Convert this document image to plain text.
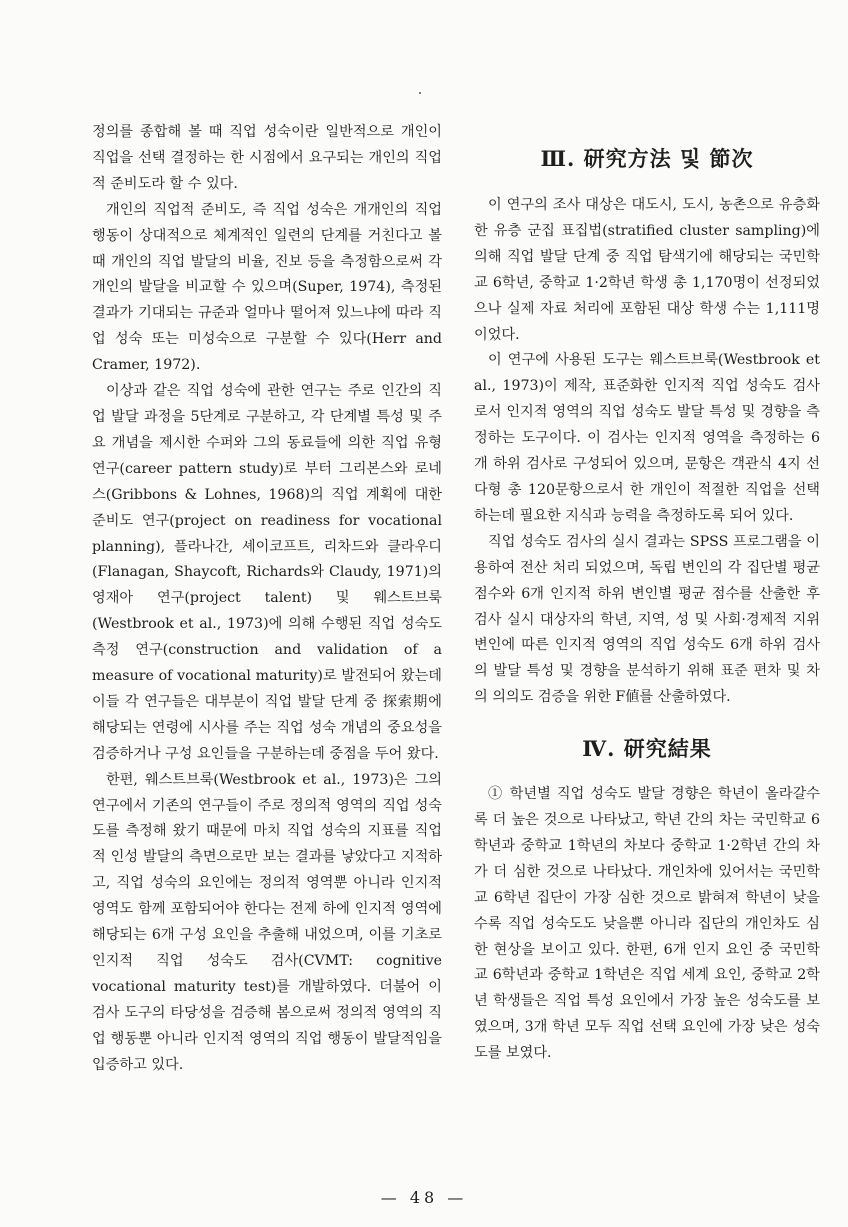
정의를 종합해 볼 때 직업 성숙이란 일반적으로 개인이 직업을 선택 결정하는 한 시점에서 요구되는 개인의 직업적 준비도라 할 수 있다.

개인의 직업적 준비도, 즉 직업 성숙은 개개인의 직업 행동이 상대적으로 체계적인 일련의 단계를 거친다고 볼 때 개인의 직업 발달의 비율, 진보 등을 측정함으로써 각 개인의 발달을 비교할 수 있으며(Super, 1974), 측정된 결과가 기대되는 규준과 얼마나 떨어져 있느냐에 따라 직업 성숙 또는 미성숙으로 구분할 수 있다(Herr and Cramer, 1972).

이상과 같은 직업 성숙에 관한 연구는 주로 인간의 직업 발달 과정을 5단계로 구분하고, 각 단계별 특성 및 주요 개념을 제시한 수퍼와 그의 동료들에 의한 직업 유형 연구(career pattern study)로 부터 그리본스와 로네스(Gribbons & Lohnes, 1968)의 직업 계획에 대한 준비도 연구(project on readiness for vocational planning), 플라나간, 셰이코프트, 리차드와 클라우디(Flanagan, Shaycoft, Richards와 Claudy, 1971)의 영재아 연구(project talent) 및 웨스트브룩(Westbrook et al., 1973)에 의해 수행된 직업 성숙도 측정 연구(construction and validation of a measure of vocational maturity)로 발전되어 왔는데 이들 각 연구들은 대부분이 직업 발달 단계 중 探索期에 해당되는 연령에 시사를 주는 직업 성숙 개념의 중요성을 검증하거나 구성 요인들을 구분하는데 중점을 두어 왔다.

한편, 웨스트브룩(Westbrook et al., 1973)은 그의 연구에서 기존의 연구들이 주로 정의적 영역의 직업 성숙도를 측정해 왔기 때문에 마치 직업 성숙의 지표를 직업적 인성 발달의 측면으로만 보는 결과를 낳았다고 지적하고, 직업 성숙의 요인에는 정의적 영역뿐 아니라 인지적 영역도 함께 포함되어야 한다는 전제 하에 인지적 영역에 해당되는 6개 구성 요인을 추출해 내었으며, 이를 기초로 인지적 직업 성숙도 검사(CVMT: cognitive vocational maturity test)를 개발하였다. 더불어 이 검사 도구의 타당성을 검증해 봄으로써 정의적 영역의 직업 행동뿐 아니라 인지적 영역의 직업 행동이 발달적임을 입증하고 있다.

Ⅲ. 研究方法 및 節次

이 연구의 조사 대상은 대도시, 도시, 농촌으로 유층화한 유층 군집 표집법(stratified cluster sampling)에 의해 직업 발달 단계 중 직업 탐색기에 해당되는 국민학교 6학년, 중학교 1·2학년 학생 총 1,170명이 선정되었으나 실제 자료 처리에 포함된 대상 학생 수는 1,111명이었다.

이 연구에 사용된 도구는 웨스트브룩(Westbrook et al., 1973)이 제작, 표준화한 인지적 직업 성숙도 검사로서 인지적 영역의 직업 성숙도 발달 특성 및 경향을 측정하는 도구이다. 이 검사는 인지적 영역을 측정하는 6개 하위 검사로 구성되어 있으며, 문항은 객관식 4지 선다형 총 120문항으로서 한 개인이 적절한 직업을 선택하는데 필요한 지식과 능력을 측정하도록 되어 있다.

직업 성숙도 검사의 실시 결과는 SPSS 프로그램을 이용하여 전산 처리 되었으며, 독립 변인의 각 집단별 평균 점수와 6개 인지적 하위 변인별 평균 점수를 산출한 후 검사 실시 대상자의 학년, 지역, 성 및 사회·경제적 지위 변인에 따른 인지적 영역의 직업 성숙도 6개 하위 검사의 발달 특성 및 경향을 분석하기 위해 표준 편차 및 차의 의의도 검증을 위한 F値를 산출하였다.

Ⅳ. 研究結果

① 학년별 직업 성숙도 발달 경향은 학년이 올라갈수록 더 높은 것으로 나타났고, 학년 간의 차는 국민학교 6학년과 중학교 1학년의 차보다 중학교 1·2학년 간의 차가 더 심한 것으로 나타났다. 개인차에 있어서는 국민학교 6학년 집단이 가장 심한 것으로 밝혀져 학년이 낮을수록 직업 성숙도도 낮을뿐 아니라 집단의 개인차도 심한 현상을 보이고 있다. 한편, 6개 인지 요인 중 국민학교 6학년과 중학교 1학년은 직업 세계 요인, 중학교 2학년 학생들은 직업 특성 요인에서 가장 높은 성숙도를 보였으며, 3개 학년 모두 직업 선택 요인에 가장 낮은 성숙도를 보였다.

— 48 —
